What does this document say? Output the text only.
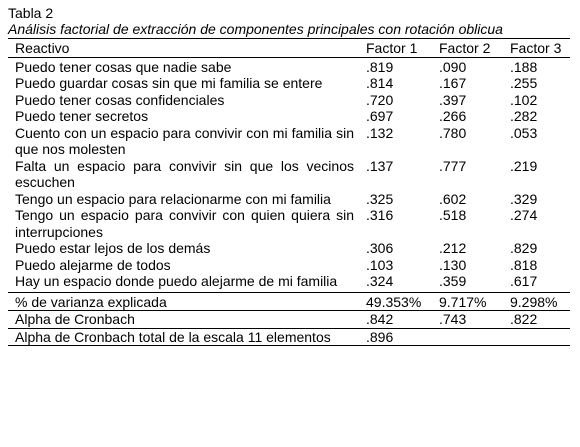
Tabla 2

Análisis factorial de extracción de componentes principales con rotación oblicua

Reactivo	Factor 1	Factor 2	Factor 3
Puedo tener cosas que nadie sabe	.819	.090	.188
Puedo guardar cosas sin que mi familia se entere	.814	.167	.255
Puedo tener cosas confidenciales	.720	.397	.102
Puedo tener secretos	.697	.266	.282
Cuento con un espacio para convivir con mi familia sin que nos molesten	.132	.780	.053
Falta un espacio para convivir sin que los vecinos escuchen	.137	.777	.219
Tengo un espacio para relacionarme con mi familia	.325	.602	.329
Tengo un espacio para convivir con quien quiera sin interrupciones	.316	.518	.274
Puedo estar lejos de los demás	.306	.212	.829
Puedo alejarme de todos	.103	.130	.818
Hay un espacio donde puedo alejarme de mi familia	.324	.359	.617
% de varianza explicada	49.353%	9.717%	9.298%
Alpha de Cronbach	.842	.743	.822
Alpha de Cronbach total de la escala 11 elementos	.896		
